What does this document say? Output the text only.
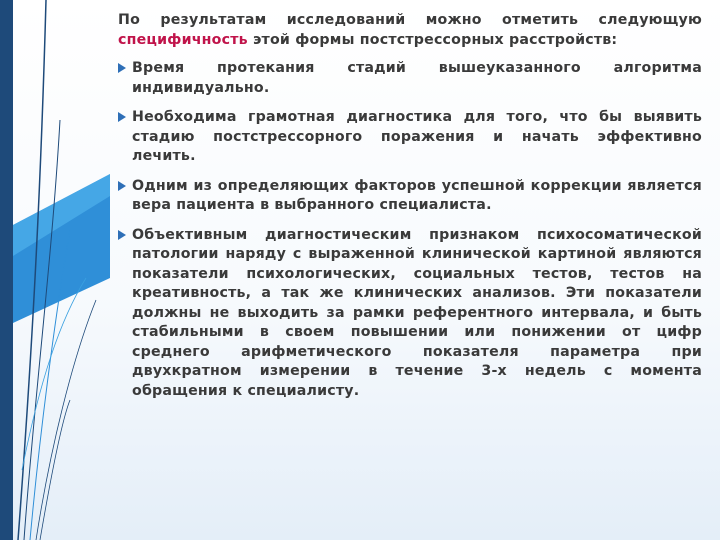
По результатам исследований можно отметить следующую специфичность этой формы постстрессорных расстройств:

Время протекания стадий вышеуказанного алгоритма индивидуально.
Необходима грамотная диагностика для того, что бы выявить стадию постстрессорного поражения и начать эффективно лечить.
Одним из определяющих факторов успешной коррекции является вера пациента в выбранного специалиста.
Объективным диагностическим признаком психосоматической патологии наряду с выраженной клинической картиной являются показатели психологических, социальных тестов, тестов на креативность, а так же клинических анализов. Эти показатели должны не выходить за рамки референтного интервала, и быть стабильными в своем повышении или понижении от цифр среднего арифметического показателя параметра при двухкратном измерении в течение 3-х недель с момента обращения к специалисту.
